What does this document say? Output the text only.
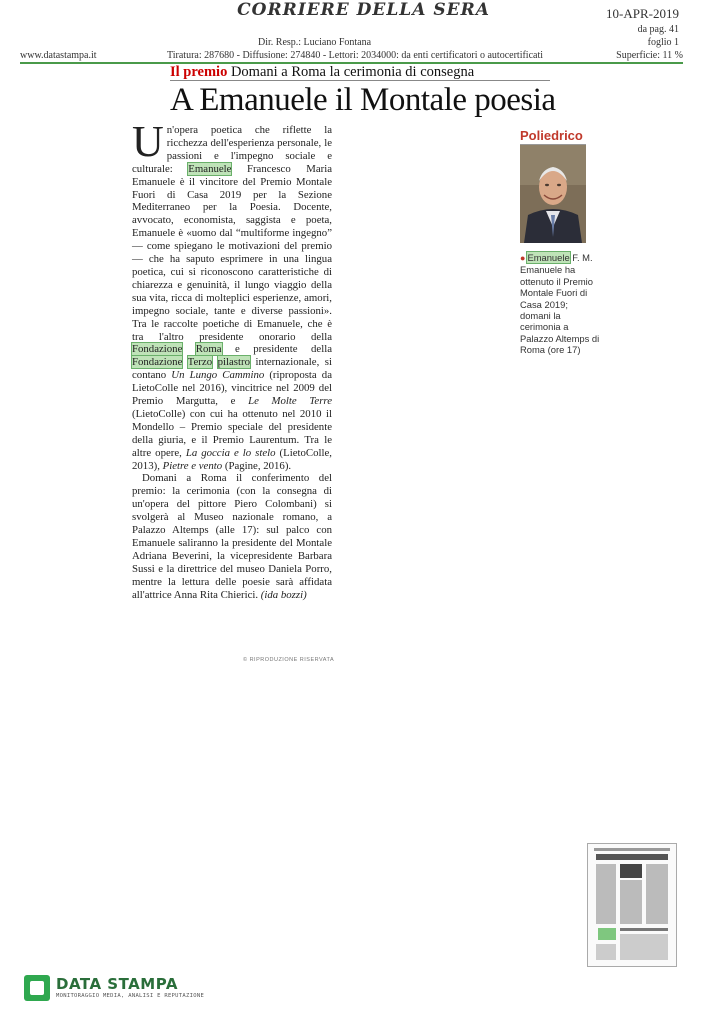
CORRIERE DELLA SERA	10-APR-2019
da pag. 41
foglio 1
Dir. Resp.: Luciano Fontana
www.datastampa.it	Tiratura: 287680 - Diffusione: 274840 - Lettori: 2034000: da enti certificatori o autocertificati	Superficie: 11 %
Il premio Domani a Roma la cerimonia di consegna
A Emanuele il Montale poesia

Un'opera poetica che riflette la ricchezza dell'esperienza personale, le passioni e l'impegno sociale e culturale: Emanuele Francesco Maria Emanuele è il vincitore del Premio Montale Fuori di Casa 2019 per la Sezione Mediterraneo per la Poesia. Docente, avvocato, economista, saggista e poeta, Emanuele è «uomo dal “multiforme ingegno” — come spiegano le motivazioni del premio — che ha saputo esprimere in una lingua poetica, cui si riconoscono caratteristiche di chiarezza e genuinità, il lungo viaggio della sua vita, ricca di molteplici esperienze, amori, impegno sociale, tante e diverse passioni». Tra le raccolte poetiche di Emanuele, che è tra l'altro presidente onorario della Fondazione Roma e presidente della Fondazione Terzo pilastro internazionale, si contano Un Lungo Cammino (riproposta da LietoColle nel 2016), vincitrice nel 2009 del Premio Margutta, e Le Molte Terre (LietoColle) con cui ha ottenuto nel 2010 il Mondello – Premio speciale del presidente della giuria, e il Premio Laurentum. Tra le altre opere, La goccia e lo stelo (LietoColle, 2013), Pietre e vento (Pagine, 2016).

Domani a Roma il conferimento del premio: la cerimonia (con la consegna di un'opera del pittore Piero Colombani) si svolgerà al Museo nazionale romano, a Palazzo Altemps (alle 17): sul palco con Emanuele saliranno la presidente del Montale Adriana Beverini, la vicepresidente Barbara Sussi e la direttrice del museo Daniela Porro, mentre la lettura delle poesie sarà affidata all'attrice Anna Rita Chierici. (ida bozzi)

© RIPRODUZIONE RISERVATA
Poliedrico
● Emanuele F. M. Emanuele ha ottenuto il Premio Montale Fuori di Casa 2019; domani la cerimonia a Palazzo Altemps di Roma (ore 17)
DATA STAMPA
MONITORAGGIO MEDIA, ANALISI E REPUTAZIONE
